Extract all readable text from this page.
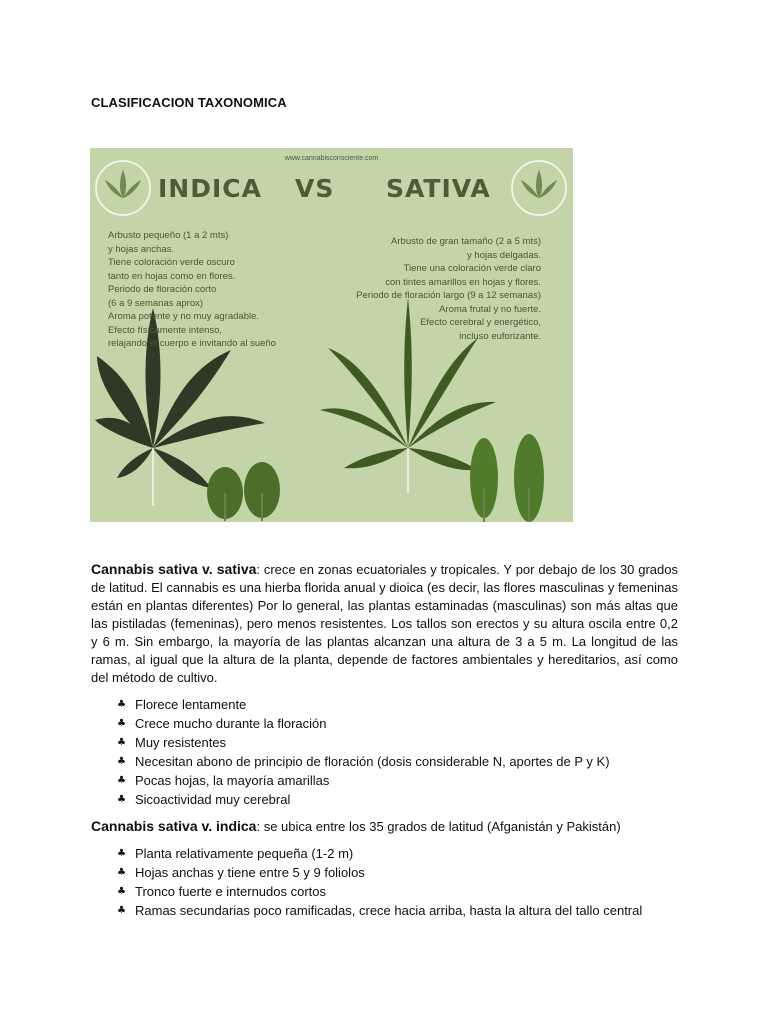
CLASIFICACION TAXONOMICA
www.cannabisconsciente.com
INDICA VS SATIVA
Arbusto pequeño (1 a 2 mts)
y hojas anchas.
Tiene coloración verde oscuro
tanto en hojas como en flores.
Periodo de floración corto
(6 a 9 semanas aprox)
Aroma potente y no muy agradable.
Efecto físicamente intenso,
relajando el cuerpo e invitando al sueño
Arbusto de gran tamaño (2 a 5 mts)
y hojas delgadas.
Tiene una coloración verde claro
con tintes amarillos en hojas y flores.
Periodo de floración largo (9 a 12 semanas)
Aroma frutal y no fuerte.
Efecto cerebral y energético,
incluso euforizante.

Cannabis sativa v. sativa: crece en zonas ecuatoriales y tropicales. Y por debajo de los 30 grados de latitud. El cannabis es una hierba florida anual y dioica (es decir, las flores masculinas y femeninas están en plantas diferentes) Por lo general, las plantas estaminadas (masculinas) son más altas que las pistiladas (femeninas), pero menos resistentes. Los tallos son erectos y su altura oscila entre 0,2 y 6 m. Sin embargo, la mayoría de las plantas alcanzan una altura de 3 a 5 m. La longitud de las ramas, al igual que la altura de la planta, depende de factores ambientales y hereditarios, así como del método de cultivo.

♣ Florece lentamente
♣ Crece mucho durante la floración
♣ Muy resistentes
♣ Necesitan abono de principio de floración (dosis considerable N, aportes de P y K)
♣ Pocas hojas, la mayoría amarillas
♣ Sicoactividad muy cerebral

Cannabis sativa v. indica: se ubica entre los 35 grados de latitud (Afganistán y Pakistán)

♣ Planta relativamente pequeña (1-2 m)
♣ Hojas anchas y tiene entre 5 y 9 foliolos
♣ Tronco fuerte e internudos cortos
♣ Ramas secundarias poco ramificadas, crece hacia arriba, hasta la altura del tallo central
